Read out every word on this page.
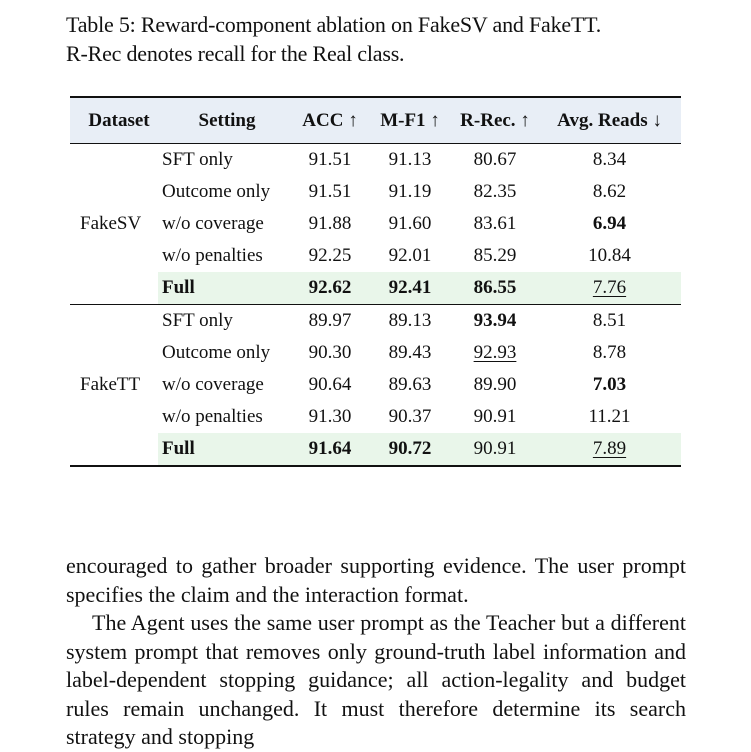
Table 5: Reward-component ablation on FakeSV and FakeTT.
R-Rec denotes recall for the Real class.
Dataset	Setting	ACC ↑	M-F1 ↑	R-Rec. ↑	Avg. Reads ↓
FakeSV	SFT only	91.51	91.13	80.67	8.34
	Outcome only	91.51	91.19	82.35	8.62
	w/o coverage	91.88	91.60	83.61	6.94
	w/o penalties	92.25	92.01	85.29	10.84
	Full	92.62	92.41	86.55	7.76
FakeTT	SFT only	89.97	89.13	93.94	8.51
	Outcome only	90.30	89.43	92.93	8.78
	w/o coverage	90.64	89.63	89.90	7.03
	w/o penalties	91.30	90.37	90.91	11.21
	Full	91.64	90.72	90.91	7.89

encouraged to gather broader supporting evidence. The user prompt specifies the claim and the interaction format.

The Agent uses the same user prompt as the Teacher but a different system prompt that removes only ground-truth label information and label-dependent stopping guidance; all action-legality and budget rules remain unchanged. It must therefore determine its search strategy and stopping
